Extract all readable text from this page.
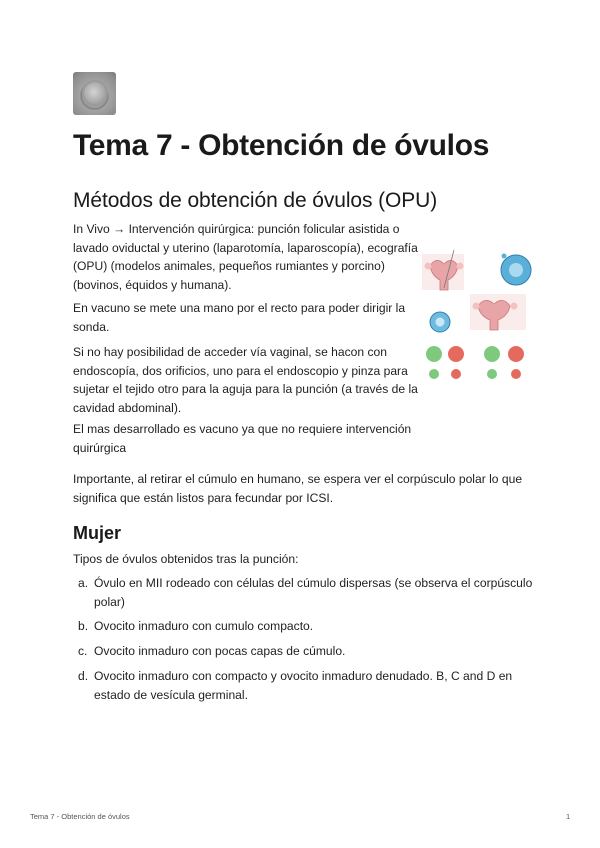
Tema 7 - Obtención de óvulos
Métodos de obtención de óvulos (OPU)

In Vivo → Intervención quirúrgica: punción folicular asistida o lavado oviductal y uterino (laparotomía, laparoscopía), ecografía (OPU) (modelos animales, pequeños rumiantes y porcino) (bovinos, équidos y humana).

En vacuno se mete una mano por el recto para poder dirigir la sonda.

Si no hay posibilidad de acceder vía vaginal, se hacon con endoscopía, dos orificios, uno para el endoscopio y pinza para sujetar el tejido otro para la aguja para la punción (a través de la cavidad abdominal).

El mas desarrollado es vacuno ya que no requiere intervención quirúrgica

Importante, al retirar el cúmulo en humano, se espera ver el corpúsculo polar lo que significa que están listos para fecundar por ICSI.

Mujer

Tipos de óvulos obtenidos tras la punción:

a. Óvulo en MII rodeado con células del cúmulo dispersas (se observa el corpúsculo polar)
b. Ovocito inmaduro con cumulo compacto.
c. Ovocito inmaduro con pocas capas de cúmulo.
d. Ovocito inmaduro con compacto y ovocito inmaduro denudado. B, C and D en estado de vesícula germinal.
Tema 7 - Obtención de óvulos	1
